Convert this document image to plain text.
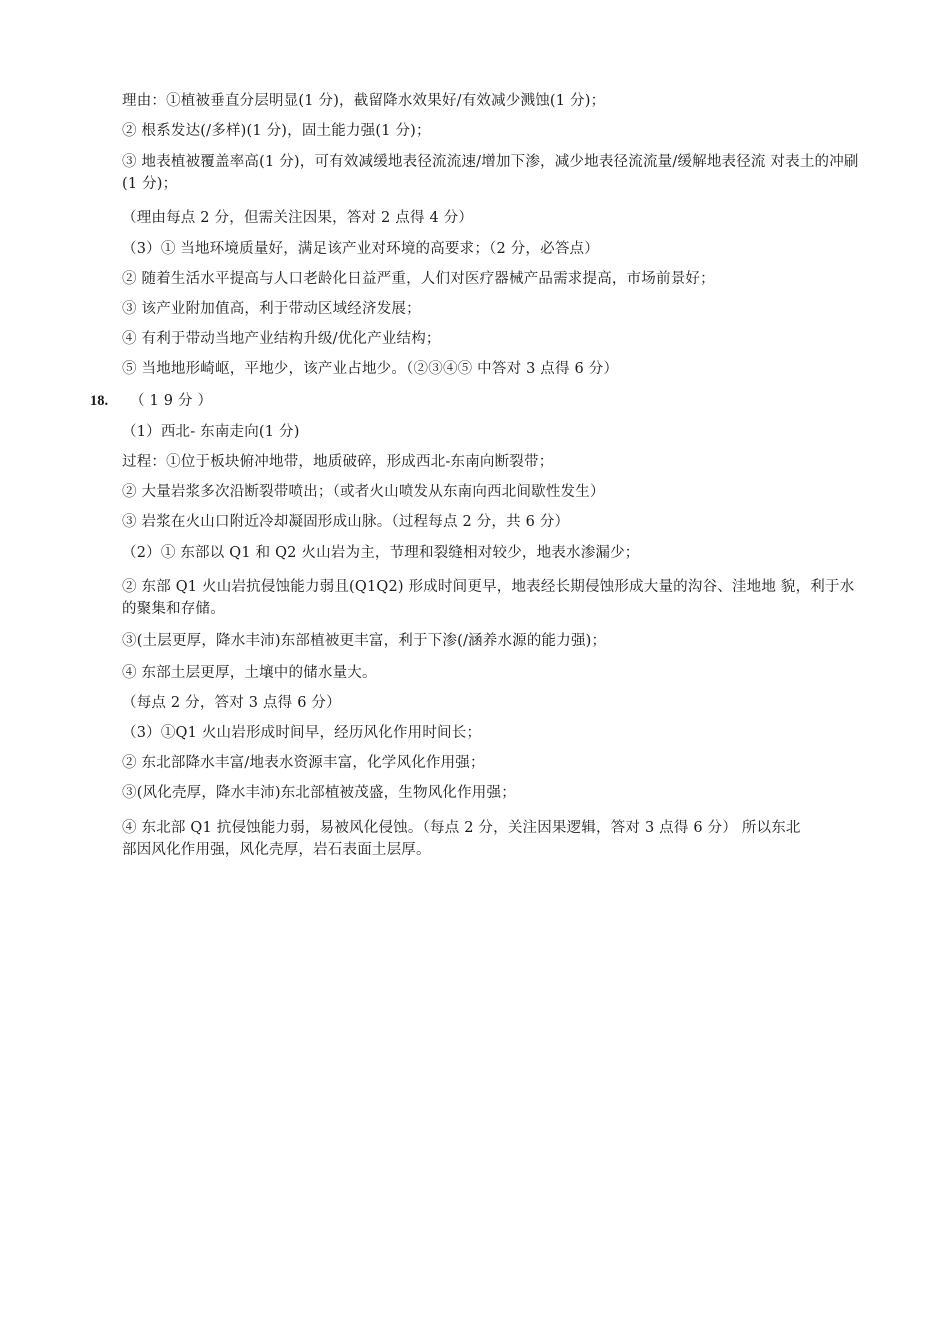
理由：①植被垂直分层明显(1 分)，截留降水效果好/有效减少溅蚀(1 分)；
② 根系发达(/多样)(1 分)，固土能力强(1 分)；
③ 地表植被覆盖率高(1 分)，可有效减缓地表径流流速/增加下渗，减少地表径流流量/缓解地表径流 对表土的冲刷(1 分)；
（理由每点 2 分，但需关注因果，答对 2 点得 4 分）
（3）① 当地环境质量好，满足该产业对环境的高要求；（2 分，必答点）
② 随着生活水平提高与人口老龄化日益严重，人们对医疗器械产品需求提高，市场前景好；
③ 该产业附加值高，利于带动区域经济发展；
④ 有利于带动当地产业结构升级/优化产业结构；
⑤ 当地地形崎岖，平地少，该产业占地少。（②③④⑤ 中答对 3 点得 6 分）
18. （ 1 9 分 ）
（1）西北- 东南走向(1 分)
过程：①位于板块俯冲地带，地质破碎，形成西北-东南向断裂带；
② 大量岩浆多次沿断裂带喷出；（或者火山喷发从东南向西北间歇性发生）
③ 岩浆在火山口附近冷却凝固形成山脉。（过程每点 2 分，共 6 分）
（2）① 东部以 Q1 和 Q2 火山岩为主，节理和裂缝相对较少，地表水渗漏少；
② 东部 Q1 火山岩抗侵蚀能力弱且(Q1Q2) 形成时间更早，地表经长期侵蚀形成大量的沟谷、洼地地 貌，利于水的聚集和存储。
③(土层更厚，降水丰沛)东部植被更丰富，利于下渗(/涵养水源的能力强)；
④ 东部土层更厚，土壤中的储水量大。
（每点 2 分，答对 3 点得 6 分）
（3）①Q1 火山岩形成时间早，经历风化作用时间长；
② 东北部降水丰富/地表水资源丰富，化学风化作用强；
③(风化壳厚，降水丰沛)东北部植被茂盛，生物风化作用强；
④ 东北部 Q1 抗侵蚀能力弱，易被风化侵蚀。（每点 2 分，关注因果逻辑，答对 3 点得 6 分） 所以东北部因风化作用强，风化壳厚，岩石表面土层厚。
